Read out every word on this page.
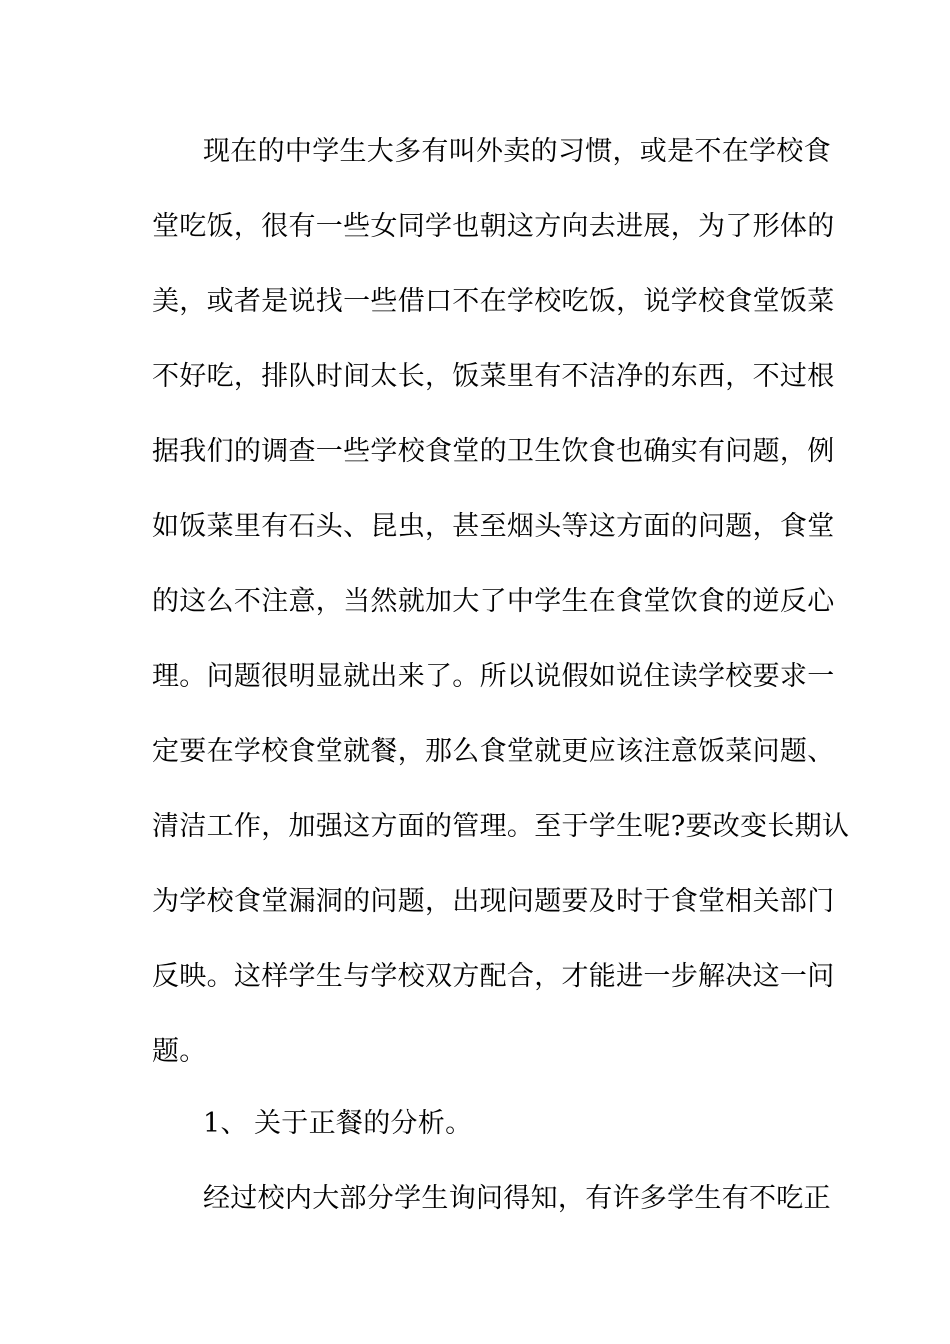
现在的中学生大多有叫外卖的习惯，或是不在学校食
堂吃饭，很有一些女同学也朝这方向去进展，为了形体的
美，或者是说找一些借口不在学校吃饭，说学校食堂饭菜
不好吃，排队时间太长，饭菜里有不洁净的东西，不过根
据我们的调查一些学校食堂的卫生饮食也确实有问题，例
如饭菜里有石头、昆虫，甚至烟头等这方面的问题，食堂
的这么不注意，当然就加大了中学生在食堂饮食的逆反心
理。问题很明显就出来了。所以说假如说住读学校要求一
定要在学校食堂就餐，那么食堂就更应该注意饭菜问题、
清洁工作，加强这方面的管理。至于学生呢?要改变长期认
为学校食堂漏洞的问题，出现问题要及时于食堂相关部门
反映。这样学生与学校双方配合，才能进一步解决这一问
题。
1、 关于正餐的分析。
经过校内大部分学生询问得知，有许多学生有不吃正
